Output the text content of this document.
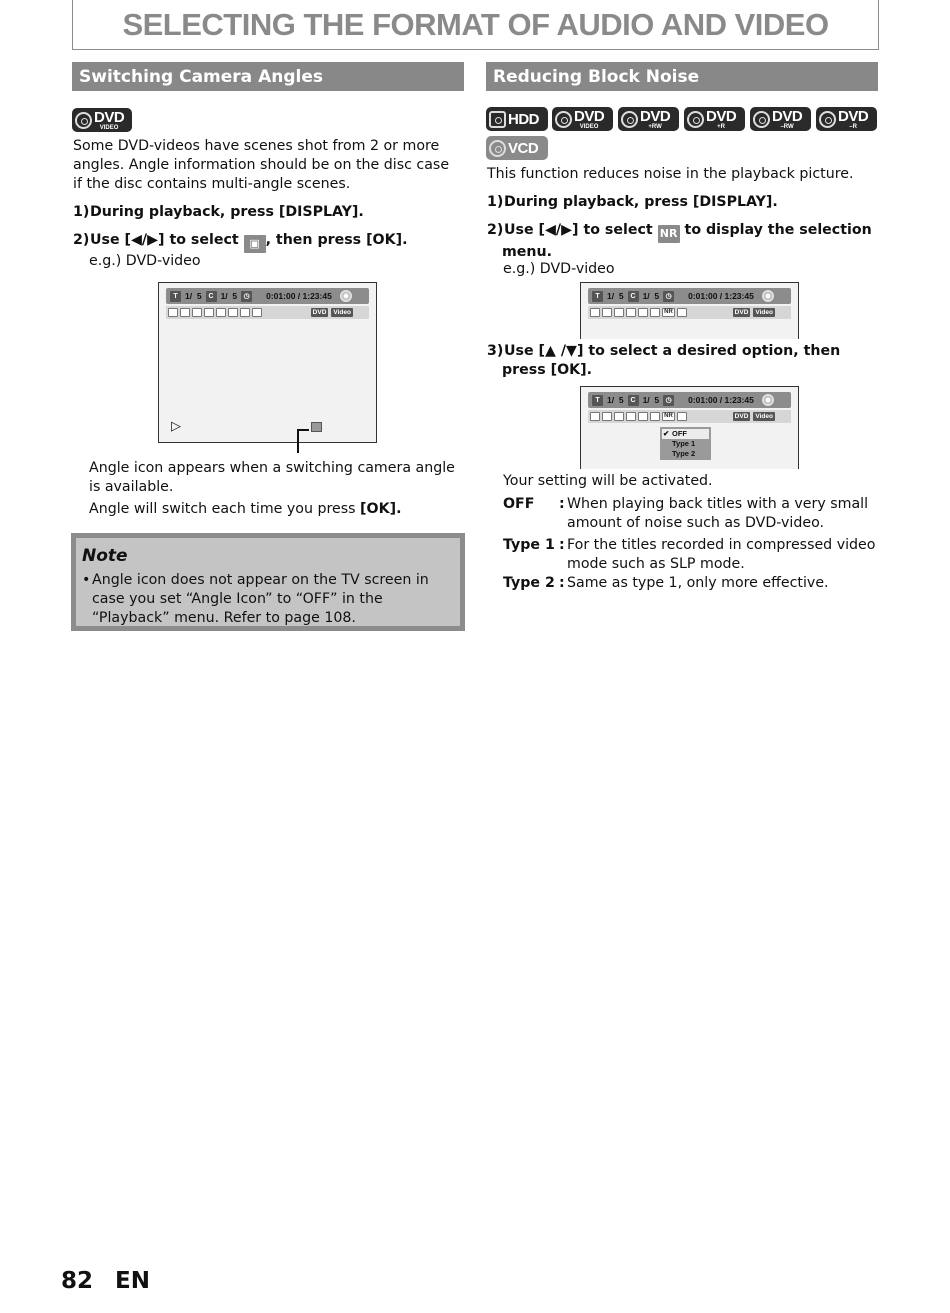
SELECTING THE FORMAT OF AUDIO AND VIDEO
Switching Camera Angles
DVD
VIDEO
Some DVD-videos have scenes shot from 2 or more angles. Angle information should be on the disc case if the disc contains multi-angle scenes.
1)During playback, press [DISPLAY].
2)Use [◀/▶] to select ▣ , then press [OK].
e.g.) DVD-video
T 1/
5 C 1/
5 ◷ 0:01:00 / 1:23:45
DVD	Video
▷
Angle icon appears when a switching camera angle is available.
Angle will switch each time you press [OK].
Note
• Angle icon does not appear on the TV screen in case you set “Angle Icon” to “OFF” in the “Playback” menu. Refer to page 108.
Reducing Block Noise
HDD DVD
VIDEO
DVD
+RW
DVD
+R
DVD
–RW
DVD
–R
VCD
This function reduces noise in the playback picture.
1)During playback, press [DISPLAY].
2)Use [◀/▶] to select NR to display the selection menu.
e.g.) DVD-video
T 1/
5 C 1/
5 ◷ 0:01:00 / 1:23:45
NR	DVD	Video
3)Use [▲ /▼] to select a desired option, then press [OK].
T 1/
5 C 1/
5 ◷ 0:01:00 / 1:23:45
NR	DVD	Video
✔ OFF
Type 1
Type 2
Your setting will be activated.
OFF	: When playing back titles with a very small amount of noise such as DVD-video.
Type 1 : For the titles recorded in compressed video mode such as SLP mode.
Type 2 : Same as type 1, only more effective.
82 EN
